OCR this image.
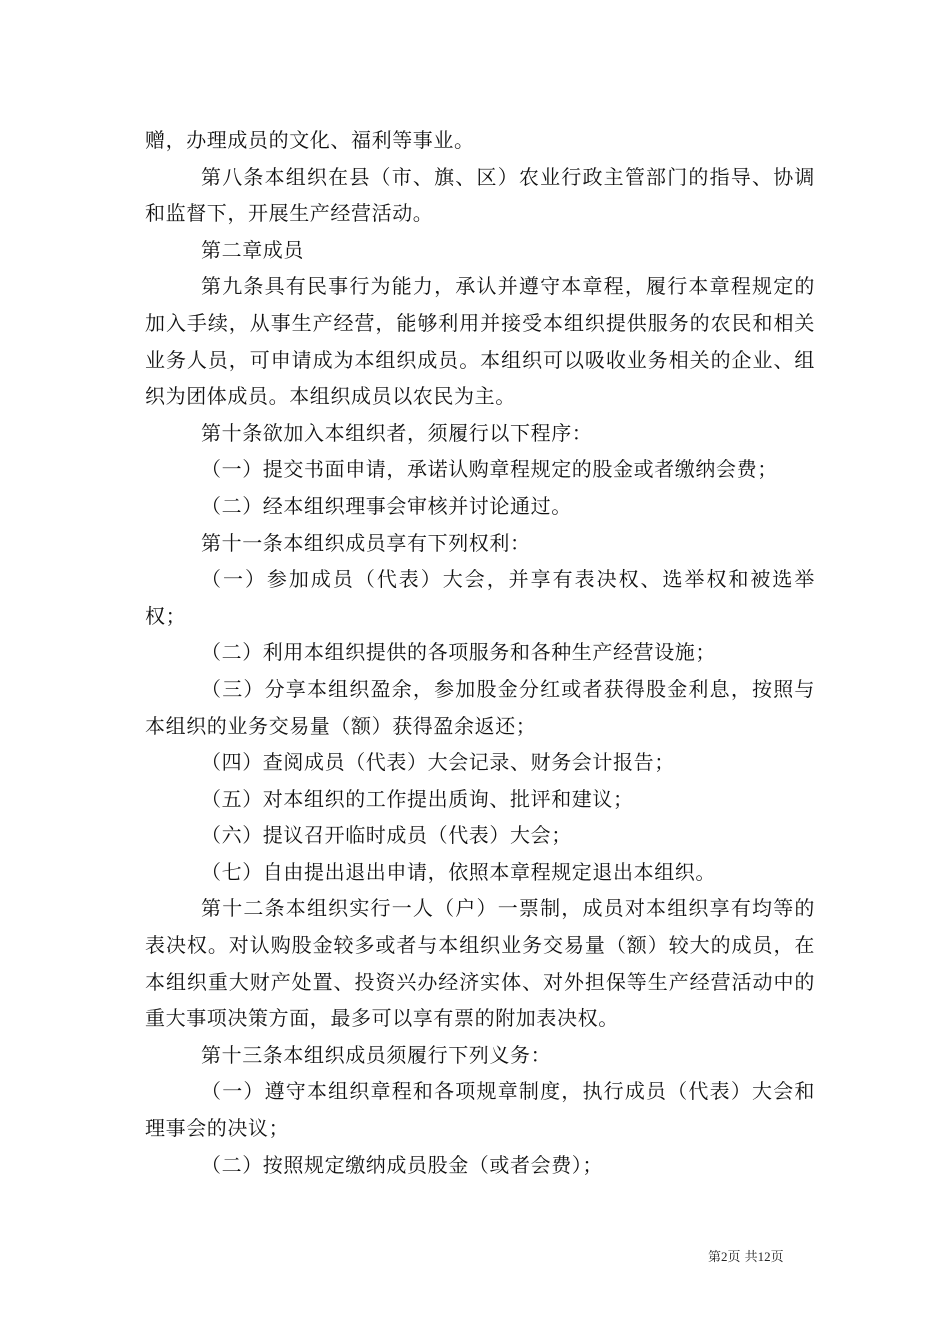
赠，办理成员的文化、福利等事业。

第八条本组织在县（市、旗、区）农业行政主管部门的指导、协调和监督下，开展生产经营活动。

第二章成员

第九条具有民事行为能力，承认并遵守本章程，履行本章程规定的加入手续，从事生产经营，能够利用并接受本组织提供服务的农民和相关业务人员，可申请成为本组织成员。本组织可以吸收业务相关的企业、组织为团体成员。本组织成员以农民为主。

第十条欲加入本组织者，须履行以下程序：

（一）提交书面申请，承诺认购章程规定的股金或者缴纳会费；

（二）经本组织理事会审核并讨论通过。

第十一条本组织成员享有下列权利：

（一）参加成员（代表）大会，并享有表决权、选举权和被选举权；

（二）利用本组织提供的各项服务和各种生产经营设施；

（三）分享本组织盈余，参加股金分红或者获得股金利息，按照与本组织的业务交易量（额）获得盈余返还；

（四）查阅成员（代表）大会记录、财务会计报告；

（五）对本组织的工作提出质询、批评和建议；

（六）提议召开临时成员（代表）大会；

（七）自由提出退出申请，依照本章程规定退出本组织。

第十二条本组织实行一人（户）一票制，成员对本组织享有均等的表决权。对认购股金较多或者与本组织业务交易量（额）较大的成员，在本组织重大财产处置、投资兴办经济实体、对外担保等生产经营活动中的重大事项决策方面，最多可以享有票的附加表决权。

第十三条本组织成员须履行下列义务：

（一）遵守本组织章程和各项规章制度，执行成员（代表）大会和理事会的决议；

（二）按照规定缴纳成员股金（或者会费）；

第2页 共12页
